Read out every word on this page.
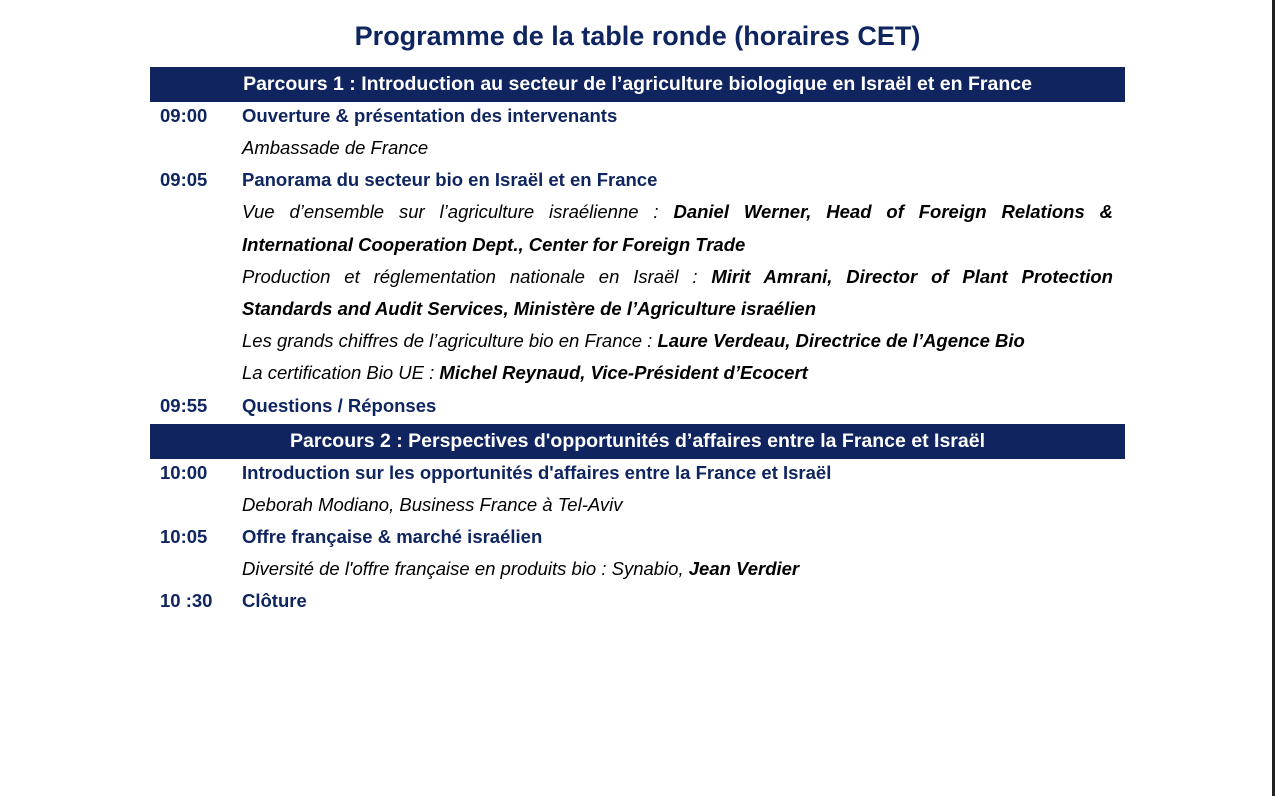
Programme de la table ronde (horaires CET)
Parcours 1 : Introduction au secteur de l’agriculture biologique en Israël et en France
09:00 Ouverture & présentation des intervenants
Ambassade de France
09:05 Panorama du secteur bio en Israël et en France
Vue d’ensemble sur l’agriculture israélienne : Daniel Werner, Head of Foreign Relations &
International Cooperation Dept., Center for Foreign Trade
Production et réglementation nationale en Israël : Mirit Amrani, Director of Plant Protection
Standards and Audit Services, Ministère de l’Agriculture israélien
Les grands chiffres de l’agriculture bio en France : Laure Verdeau, Directrice de l’Agence Bio
La certification Bio UE : Michel Reynaud, Vice-Président d’Ecocert
09:55 Questions / Réponses
Parcours 2 : Perspectives d'opportunités d’affaires entre la France et Israël
10:00 Introduction sur les opportunités d'affaires entre la France et Israël
Deborah Modiano, Business France à Tel-Aviv
10:05 Offre française & marché israélien
Diversité de l'offre française en produits bio : Synabio, Jean Verdier
10 :30 Clôture
